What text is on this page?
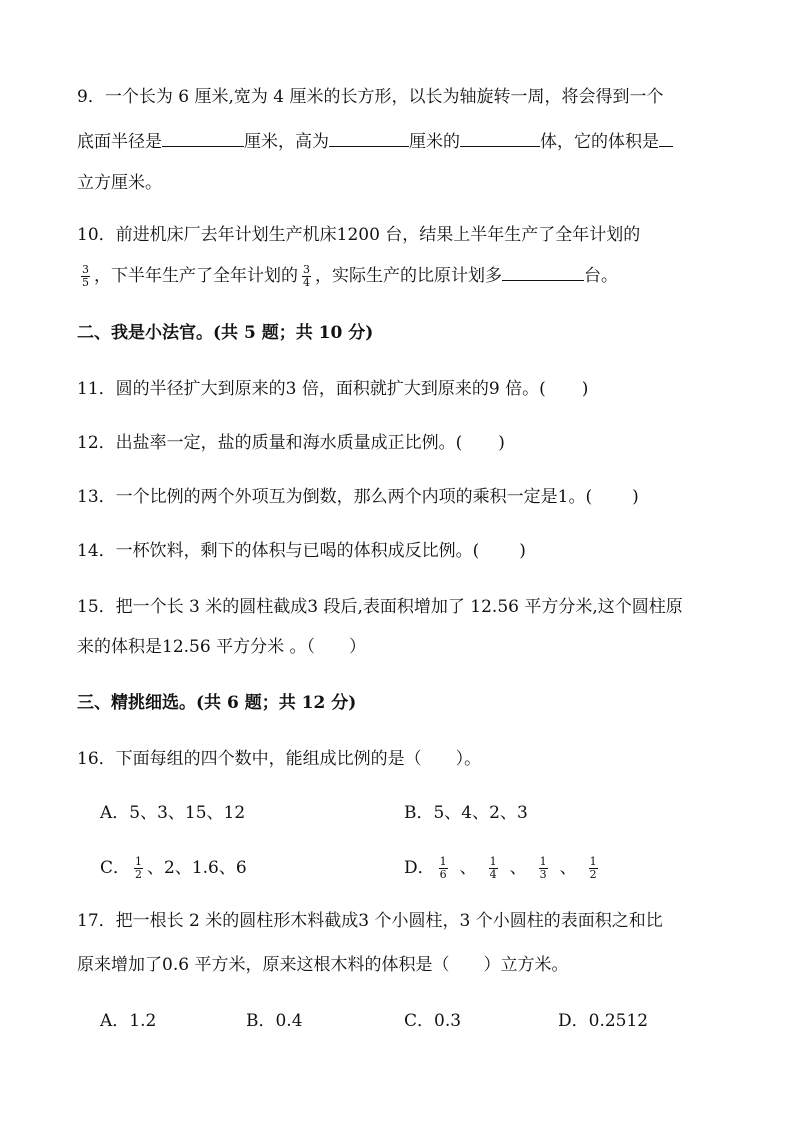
9．一个长为 6 厘米,宽为 4 厘米的长方形，以长为轴旋转一周，将会得到一个
底面半径是	厘米，高为	厘米的	体，它的体积是
立方厘米。
10．前进机床厂去年计划生产机床1200 台，结果上半年生产了全年计划的
$\frac{3}{5}$ ，下半年生产了全年计划的 $\frac{3}{4}$ ，实际生产的比原计划多	台。
二、我是小法官。(共 5 题；共 10 分)
11．圆的半径扩大到原来的3 倍，面积就扩大到原来的9 倍。( )
12．出盐率一定，盐的质量和海水质量成正比例。( )
13．一个比例的两个外项互为倒数，那么两个内项的乘积一定是1。( )
14．一杯饮料，剩下的体积与已喝的体积成反比例。( )
15．把一个长 3 米的圆柱截成3 段后,表面积增加了 12.56 平方分米,这个圆柱原
来的体积是12.56 平方分米 。（ ）
三、精挑细选。(共 6 题；共 12 分)
16．下面每组的四个数中，能组成比例的是（ ）。
A．5、3、15、12	B．5、4、2、3
C． $\frac{1}{2}$ 、2、1.6、6	D． $\frac{1}{6}$ 、 $\frac{1}{4}$ 、 $\frac{1}{3}$ 、 $\frac{1}{2}$
17．把一根长 2 米的圆柱形木料截成3 个小圆柱，3 个小圆柱的表面积之和比
原来增加了0.6 平方米，原来这根木料的体积是（ ）立方米。
A．1.2	B．0.4	C．0.3	D．0.2512
